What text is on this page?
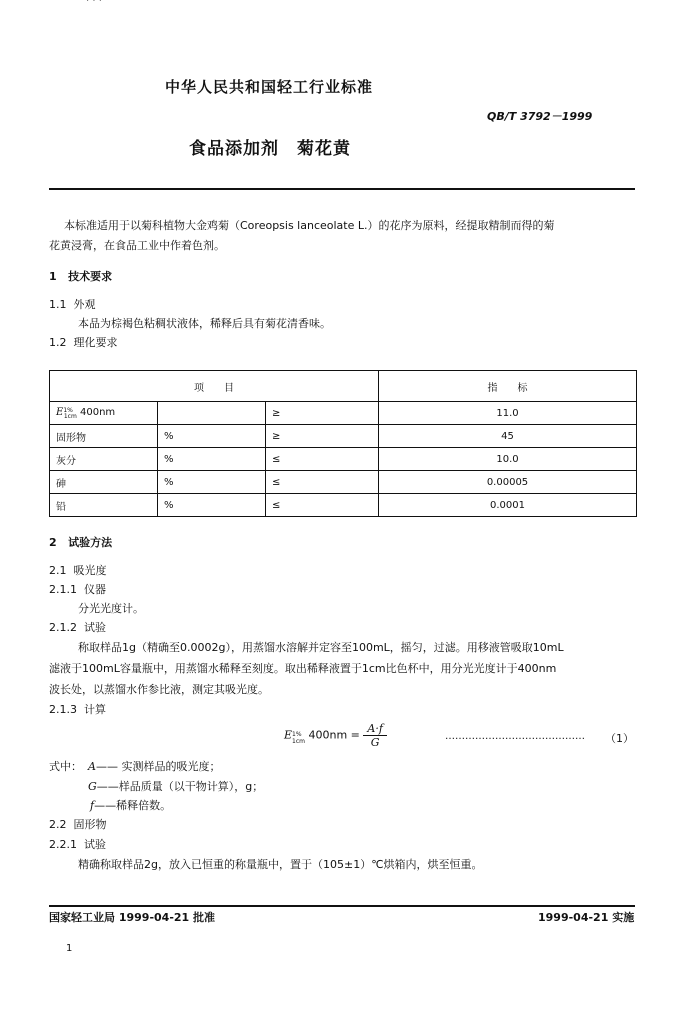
· · ·
中华人民共和国轻工行业标准
QB/T 3792－1999
食品添加剂　菊花黄
本标准适用于以菊科植物大金鸡菊（Coreopsis lanceolate L.）的花序为原料，经提取精制而得的菊
花黄浸膏，在食品工业中作着色剂。
1 技术要求
1.1 外观
本品为棕褐色粘稠状液体，稀释后具有菊花清香味。
1.2 理化要求
项　　目			指　　标
$E_{1\%1cm}$ 400nm		≥	11.0
固形物	%	≥	45
灰分	%	≤	10.0
砷	%	≤	0.00005
铅	%	≤	0.0001
2 试验方法
2.1 吸光度
2.1.1 仪器
分光光度计。
2.1.2 试验
称取样品1g（精确至0.0002g），用蒸馏水溶解并定容至100mL，摇匀，过滤。用移液管吸取10mL
滤液于100mL容量瓶中，用蒸馏水稀释至刻度。取出稀释液置于1cm比色杯中，用分光光度计于400nm
波长处，以蒸馏水作参比液，测定其吸光度。
2.1.3 计算
E $_{1\% 1cm}$ $400nm = \frac{A\cdot f}{G}$	…………………………………… （1）
式中： A—— 实测样品的吸光度；
G——样品质量（以干物计算），g；
f——稀释倍数。
2.2 固形物
2.2.1 试验
精确称取样品2g，放入已恒重的称量瓶中，置于（105±1）℃烘箱内，烘至恒重。
国家轻工业局 1999-04-21 批准	1999-04-21 实施
1
